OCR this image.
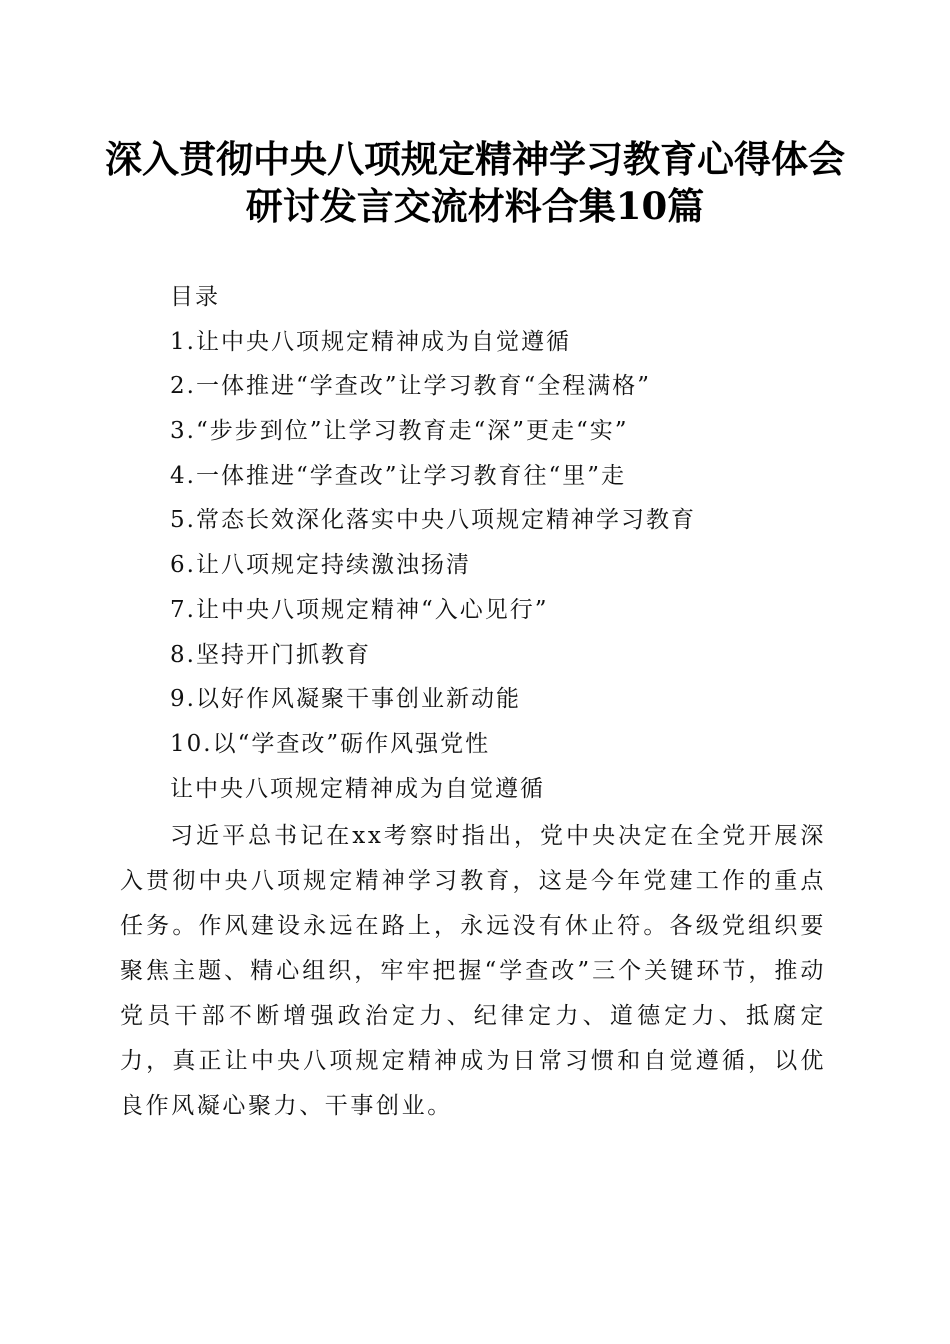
深入贯彻中央八项规定精神学习教育心得体会
研讨发言交流材料合集10篇
目录
1.让中央八项规定精神成为自觉遵循
2.一体推进“学查改”让学习教育“全程满格”
3.“步步到位”让学习教育走“深”更走“实”
4.一体推进“学查改”让学习教育往“里”走
5.常态长效深化落实中央八项规定精神学习教育
6.让八项规定持续激浊扬清
7.让中央八项规定精神“入心见行”
8.坚持开门抓教育
9.以好作风凝聚干事创业新动能
10.以“学查改”砺作风强党性
让中央八项规定精神成为自觉遵循

习近平总书记在xx考察时指出，党中央决定在全党开展深入贯彻中央八项规定精神学习教育，这是今年党建工作的重点任务。作风建设永远在路上，永远没有休止符。各级党组织要聚焦主题、精心组织，牢牢把握“学查改”三个关键环节，推动党员干部不断增强政治定力、纪律定力、道德定力、抵腐定力，真正让中央八项规定精神成为日常习惯和自觉遵循，以优良作风凝心聚力、干事创业。
